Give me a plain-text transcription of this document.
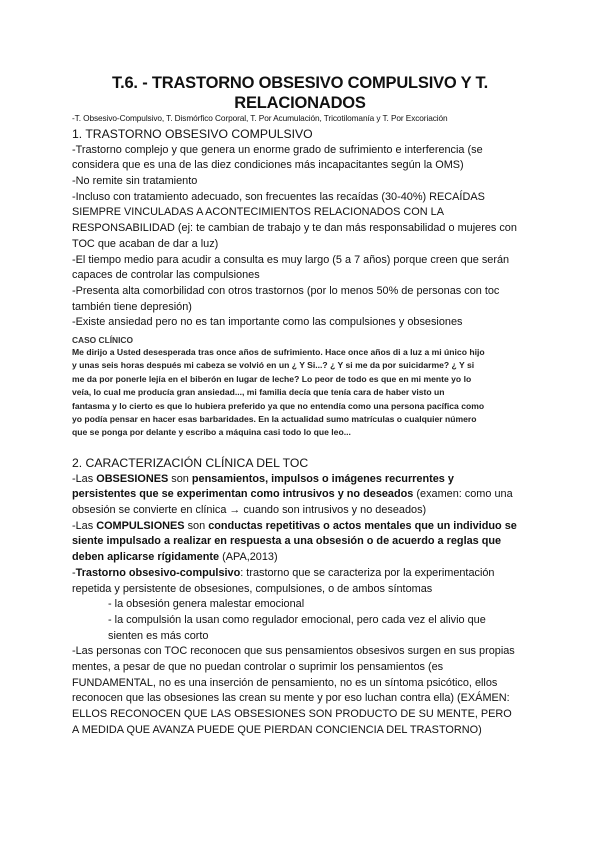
T.6. - TRASTORNO OBSESIVO COMPULSIVO Y T.
RELACIONADOS
-T. Obsesivo-Compulsivo, T. Dismórfico Corporal, T. Por Acumulación, Tricotilomanía y T. Por Excoriación
1. TRASTORNO OBSESIVO COMPULSIVO
-Trastorno complejo y que genera un enorme grado de sufrimiento e interferencia (se
considera que es una de las diez condiciones más incapacitantes según la OMS)
-No remite sin tratamiento
-Incluso con tratamiento adecuado, son frecuentes las recaídas (30-40%) RECAÍDAS
SIEMPRE VINCULADAS A ACONTECIMIENTOS RELACIONADOS CON LA
RESPONSABILIDAD (ej: te cambian de trabajo y te dan más responsabilidad o mujeres con
TOC que acaban de dar a luz)
-El tiempo medio para acudir a consulta es muy largo (5 a 7 años) porque creen que serán
capaces de controlar las compulsiones
-Presenta alta comorbilidad con otros trastornos (por lo menos 50% de personas con toc
también tiene depresión)
-Existe ansiedad pero no es tan importante como las compulsiones y obsesiones
CASO CLÍNICO
Me dirijo a Usted desesperada tras once años de sufrimiento. Hace once años di a luz a mi único hijo
y unas seis horas después mi cabeza se volvió en un ¿ Y Si...? ¿ Y si me da por suicidarme? ¿ Y si
me da por ponerle lejía en el biberón en lugar de leche? Lo peor de todo es que en mi mente yo lo
veía, lo cual me producía gran ansiedad..., mi familia decía que tenía cara de haber visto un
fantasma y lo cierto es que lo hubiera preferido ya que no entendía como una persona pacífica como
yo podía pensar en hacer esas barbaridades. En la actualidad sumo matrículas o cualquier número
que se ponga por delante y escribo a máquina casi todo lo que leo...
2. CARACTERIZACIÓN CLÍNICA DEL TOC
-Las OBSESIONES son pensamientos, impulsos o imágenes recurrentes y
persistentes que se experimentan como intrusivos y no deseados (examen: como una
obsesión se convierte en clínica → cuando son intrusivos y no deseados)
-Las COMPULSIONES son conductas repetitivas o actos mentales que un individuo se
siente impulsado a realizar en respuesta a una obsesión o de acuerdo a reglas que
deben aplicarse rígidamente (APA,2013)
-Trastorno obsesivo-compulsivo: trastorno que se caracteriza por la experimentación
repetida y persistente de obsesiones, compulsiones, o de ambos síntomas
- la obsesión genera malestar emocional
- la compulsión la usan como regulador emocional, pero cada vez el alivio que
sienten es más corto
-Las personas con TOC reconocen que sus pensamientos obsesivos surgen en sus propias
mentes, a pesar de que no puedan controlar o suprimir los pensamientos (es
FUNDAMENTAL, no es una inserción de pensamiento, no es un síntoma psicótico, ellos
reconocen que las obsesiones las crean su mente y por eso luchan contra ella) (EXÁMEN:
ELLOS RECONOCEN QUE LAS OBSESIONES SON PRODUCTO DE SU MENTE, PERO
A MEDIDA QUE AVANZA PUEDE QUE PIERDAN CONCIENCIA DEL TRASTORNO)
